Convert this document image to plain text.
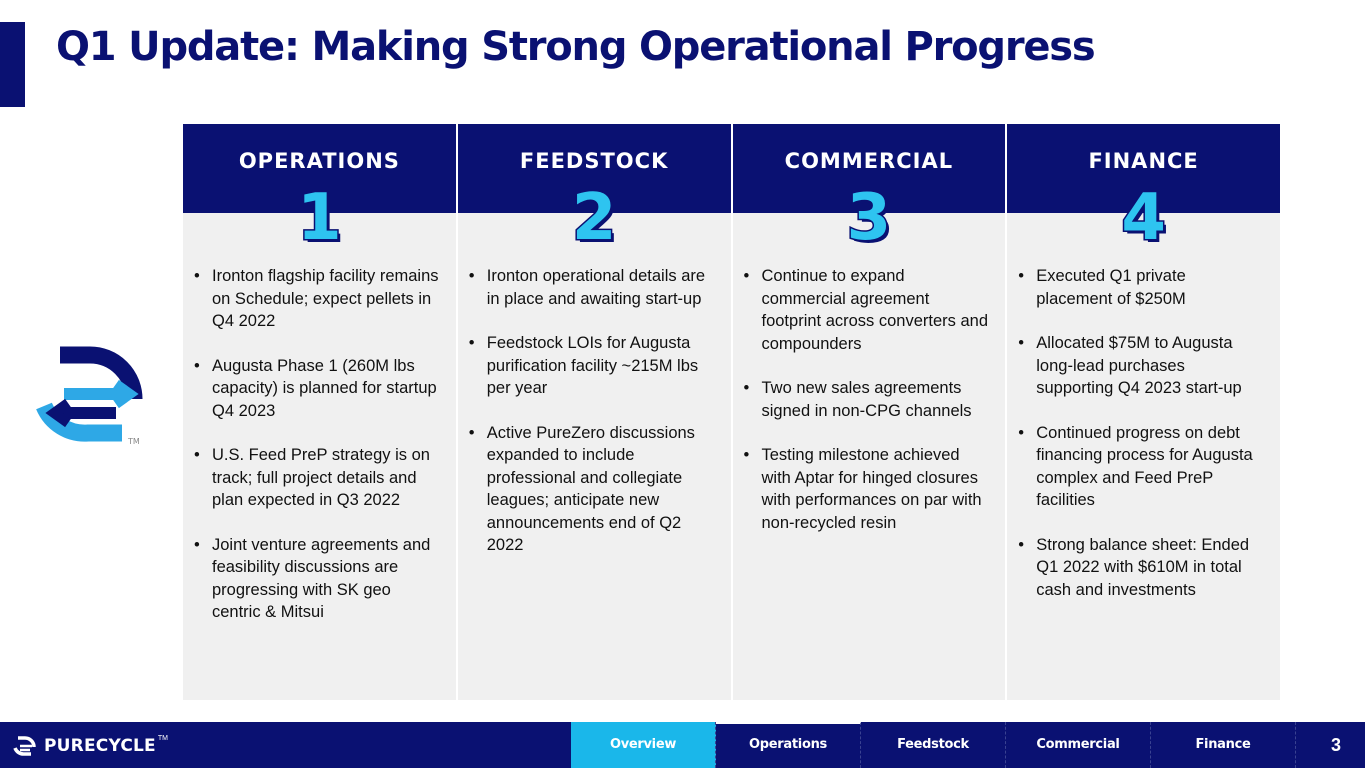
Q1 Update: Making Strong Operational Progress
TM
OPERATIONS
1
• Ironton flagship facility remains on Schedule; expect pellets in Q4 2022
• Augusta Phase 1 (260M lbs capacity) is planned for startup Q4 2023
• U.S. Feed PreP strategy is on track; full project details and plan expected in Q3 2022
• Joint venture agreements and feasibility discussions are progressing with SK geo centric & Mitsui
FEEDSTOCK
2
• Ironton operational details are in place and awaiting start-up
• Feedstock LOIs for Augusta purification facility ~215M lbs per year
• Active PureZero discussions expanded to include professional and collegiate leagues; anticipate new announcements end of Q2 2022
COMMERCIAL
3
• Continue to expand commercial agreement footprint across converters and compounders
• Two new sales agreements signed in non-CPG channels
• Testing milestone achieved with Aptar for hinged closures with performances on par with non-recycled resin
FINANCE
4
• Executed Q1 private placement of $250M
• Allocated $75M to Augusta long-lead purchases supporting Q4 2023 start-up
• Continued progress on debt financing process for Augusta complex and Feed PreP facilities
• Strong balance sheet: Ended Q1 2022 with $610M in total cash and investments
PURECYCLE TM	Overview	Operations	Feedstock	Commercial	Finance	3
